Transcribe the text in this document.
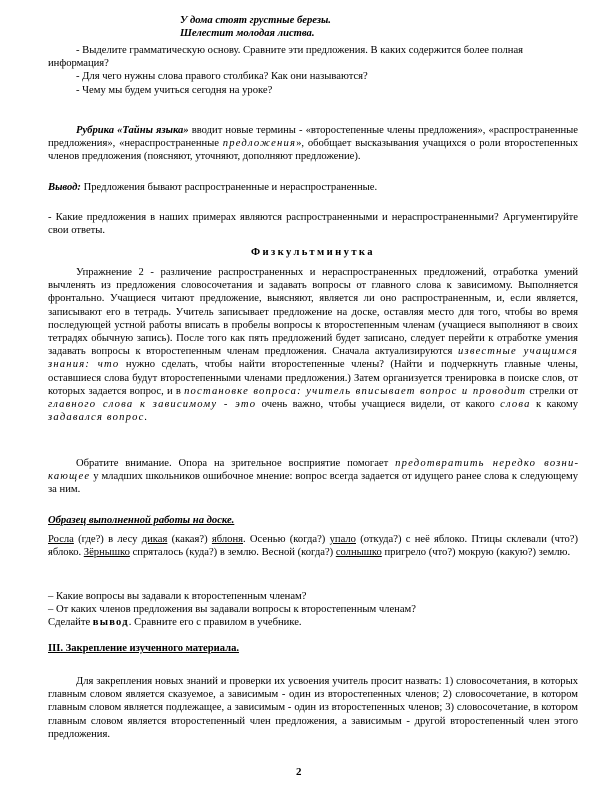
У дома стоят грустные березы.
Шелестит молодая листва.
- Выделите грамматическую основу. Сравните эти предложения. В каких содержится более полная информация?
- Для чего нужны слова правого столбика? Как они называются?
- Чему мы будем учиться сегодня на уроке?

Рубрика «Тайны языка» вводит новые термины - «второстепенные члены предложения», «распространенные предложения», «нераспространенные предложения», обобщает высказывания учащихся о роли второстепенных членов предложения (поясняют, уточняют, дополняют предложение).

Вывод: Предложения бывают распространенные и нераспространенные.

- Какие предложения в наших примерах являются распространенными и нераспространенными? Аргументируйте свои ответы.

Физкультминутка

Упражнение 2 - различение распространенных и нераспространенных предложений, отработка умений вычленять из предложения словосочетания и задавать вопросы от главного слова к зависимому. Выполняется фронтально. Учащиеся читают предложение, выясняют, является ли оно распространенным, и, если является, записывают его в тетрадь. Учитель записывает предложение на доске, оставляя место для того, чтобы во время последующей устной работы вписать в пробелы вопросы к второстепенным членам (учащиеся выполняют в своих тетрадях обычную запись). После того как пять предложений будет записано, следует перейти к отработке умения задавать вопросы к второстепенным членам предложения. Сначала актуализируются известные учащимся знания: что нужно сделать, чтобы найти второстепенные члены? (Найти и подчеркнуть главные члены, оставшиеся слова будут второстепенными членами предложения.) Затем организуется тренировка в поиске слов, от которых задается вопрос, и в постановке вопроса: учитель вписывает вопрос и проводит стрелки от главного слова к зависимому - это очень важно, чтобы учащиеся видели, от какого слова к какому задавался вопрос.

Обратите внимание. Опора на зрительное восприятие помогает предотвратить нередко возникающее у младших школьников ошибочное мнение: вопрос всегда задается от идущего ранее слова к следующему за ним.

Образец выполненной работы на доске.

Росла (где?) в лесу дикая (какая?) яблоня. Осенью (когда?) упало (откуда?) с неё яблоко. Птицы склевали (что?) яблоко. Зёрнышко спряталось (куда?) в землю. Весной (когда?) солнышко пригрело (что?) мокрую (какую?) землю.

– Какие вопросы вы задавали к второстепенным членам?
– От каких членов предложения вы задавали вопросы к второстепенным членам?
Сделайте вывод. Сравните его с правилом в учебнике.
III. Закрепление изученного материала.

Для закрепления новых знаний и проверки их усвоения учитель просит назвать: 1) словосочетания, в которых главным словом является сказуемое, а зависимым - один из второстепенных членов; 2) словосочетание, в котором главным словом является подлежащее, а зависимым - один из второстепенных членов; 3) словосочетание, в котором главным словом является второстепенный член предложения, а зависимым - другой второстепенный член этого предложения.

2
